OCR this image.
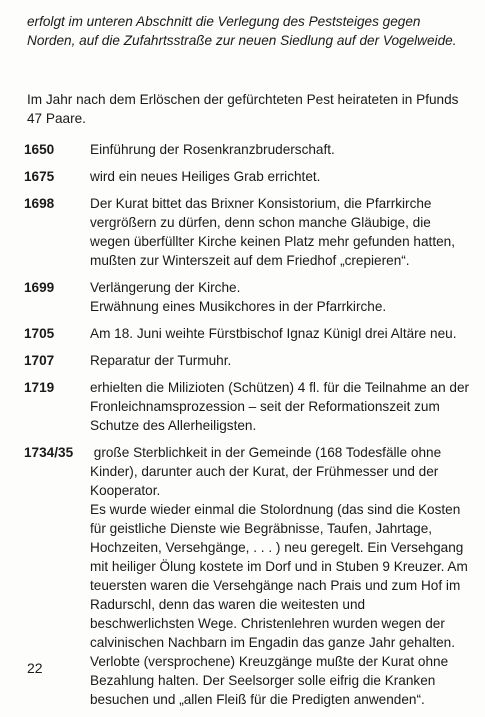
erfolgt im unteren Abschnitt die Verlegung des Peststeiges gegen Norden, auf die Zufahrtsstraße zur neuen Siedlung auf der Vogelweide.
Im Jahr nach dem Erlöschen der gefürchteten Pest heirateten in Pfunds 47 Paare.
1650	Einführung der Rosenkranzbruderschaft.
1675	wird ein neues Heiliges Grab errichtet.
1698	Der Kurat bittet das Brixner Konsistorium, die Pfarrkirche vergrößern zu dürfen, denn schon manche Gläubige, die wegen überfüllter Kirche keinen Platz mehr gefunden hatten, mußten zur Winterszeit auf dem Friedhof „crepieren“.
1699	Verlängerung der Kirche.
Erwähnung eines Musikchores in der Pfarrkirche.
1705	Am 18. Juni weihte Fürstbischof Ignaz Künigl drei Altäre neu.
1707	Reparatur der Turmuhr.
1719	erhielten die Milizioten (Schützen) 4 fl. für die Teilnahme an der Fronleichnamsprozession – seit der Reformationszeit zum Schutze des Allerheiligsten.
1734/35 große Sterblichkeit in der Gemeinde (168 Todesfälle ohne
Kinder), darunter auch der Kurat, der Frühmesser und der Kooperator.
Es wurde wieder einmal die Stolordnung (das sind die Kosten für geistliche Dienste wie Begräbnisse, Taufen, Jahrtage, Hochzeiten, Versehgänge, . . . ) neu geregelt. Ein Versehgang mit heiliger Ölung kostete im Dorf und in Stuben 9 Kreuzer. Am teuersten waren die Versehgänge nach Prais und zum Hof im Radurschl, denn das waren die weitesten und beschwerlichsten Wege. Christenlehren wurden wegen der calvinischen Nachbarn im Engadin das ganze Jahr gehalten. Verlobte (versprochene) Kreuzgänge mußte der Kurat ohne Bezahlung halten. Der Seelsorger solle eifrig die Kranken besuchen und „allen Fleiß für die Predigten anwenden“.
22
